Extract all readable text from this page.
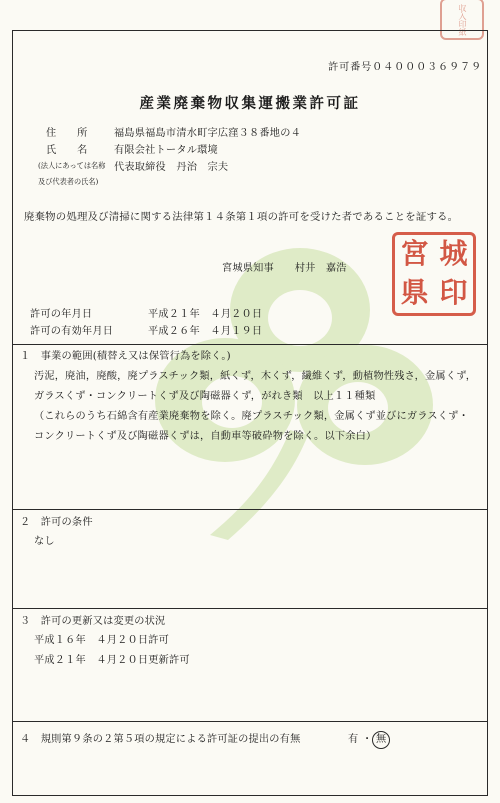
収入印紙
許可番号０４０００３６９７９
産業廃棄物収集運搬業許可証
住　　所	福島県福島市清水町字広窪３８番地の４
氏　　名	有限会社トータル環境
(法人にあっては名称
及び代表者の氏名)
代表取締役　丹治　宗夫
廃棄物の処理及び清掃に関する法律第１４条第１項の許可を受けた者であることを証する。
宮城県知事　　村井　嘉浩 宮 城
県 印
許可の年月日	平成２１年　４月２０日
許可の有効年月日	平成２６年　４月１９日
１　事業の範囲(積替え又は保管行為を除く。)
汚泥，廃油，廃酸，廃プラスチック類，紙くず，木くず，繊維くず，動植物性残さ，金属くず，
ガラスくず・コンクリートくず及び陶磁器くず，がれき類　以上１１種類
（これらのうち石綿含有産業廃棄物を除く。廃プラスチック類，金属くず並びにガラスくず・
コンクリートくず及び陶磁器くずは，自動車等破砕物を除く。以下余白）
２　許可の条件
なし
３　許可の更新又は変更の状況
平成１６年　４月２０日許可
平成２１年　４月２０日更新許可
４　規則第９条の２第５項の規定による許可証の提出の有無	有 ・ 無
